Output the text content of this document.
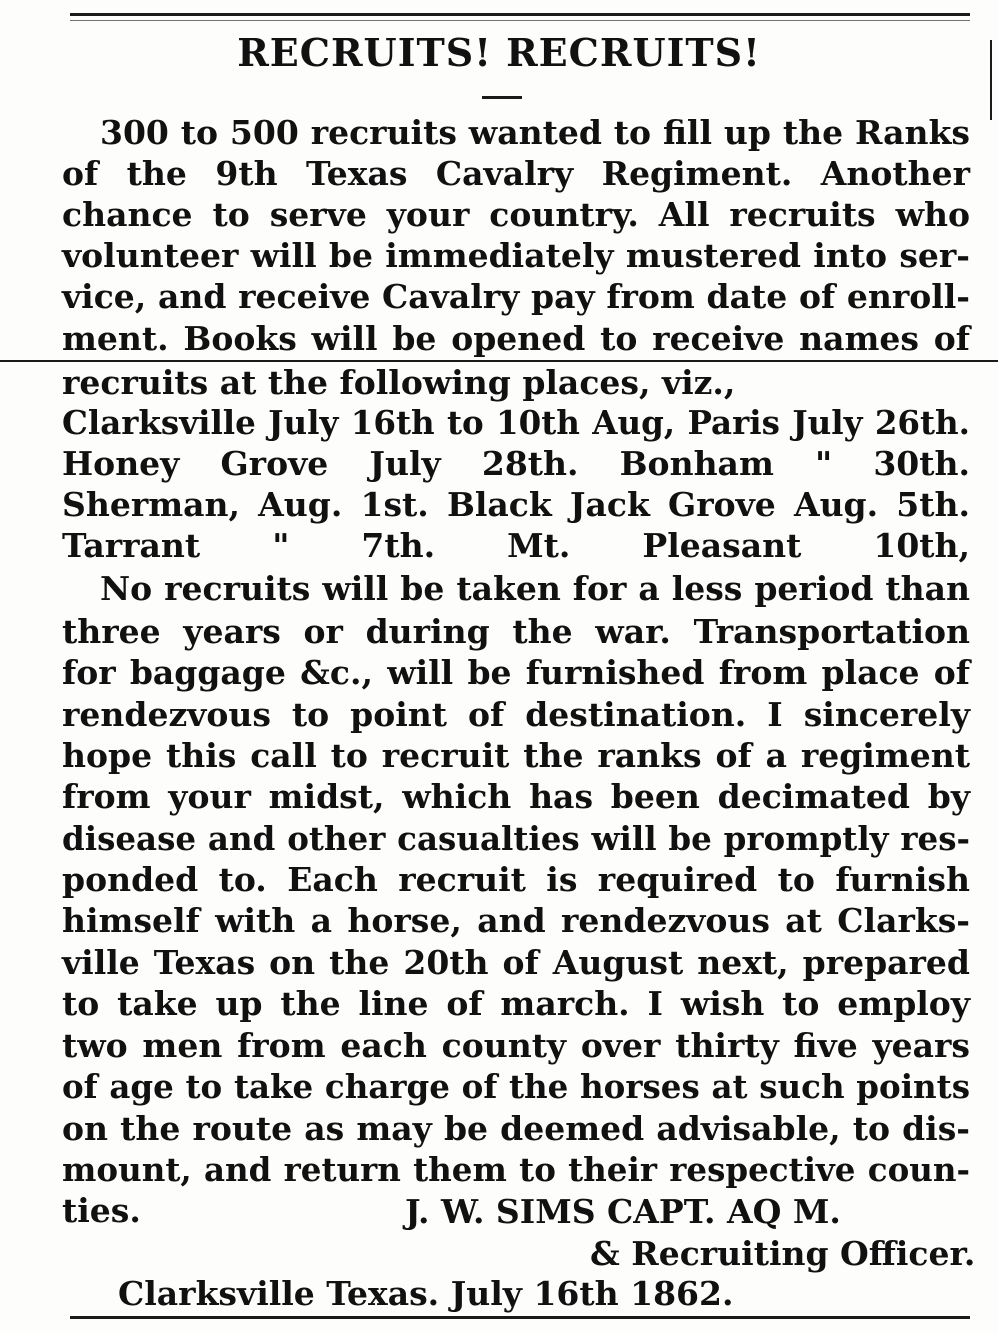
RECRUITS! RECRUITS!
300 to 500 recruits wanted to fill up the Ranks
of the 9th Texas Cavalry Regiment. Another
chance to serve your country. All recruits who
volunteer will be immediately mustered into ser-
vice, and receive Cavalry pay from date of enroll-
ment. Books will be opened to receive names of
recruits at the following places, viz.,
Clarksville July 16th to 10th Aug, Paris July 26th.
Honey Grove July 28th. Bonham " 30th.
Sherman, Aug. 1st. Black Jack Grove Aug. 5th.
Tarrant " 7th. Mt. Pleasant 10th,
No recruits will be taken for a less period than
three years or during the war. Transportation
for baggage &c., will be furnished from place of
rendezvous to point of destination. I sincerely
hope this call to recruit the ranks of a regiment
from your midst, which has been decimated by
disease and other casualties will be promptly res-
ponded to. Each recruit is required to furnish
himself with a horse, and rendezvous at Clarks-
ville Texas on the 20th of August next, prepared
to take up the line of march. I wish to employ
two men from each county over thirty five years
of age to take charge of the horses at such points
on the route as may be deemed advisable, to dis-
mount, and return them to their respective coun-
ties.	J. W. SIMS CAPT. AQ M.
& Recruiting Officer.
Clarksville Texas. July 16th 1862.
